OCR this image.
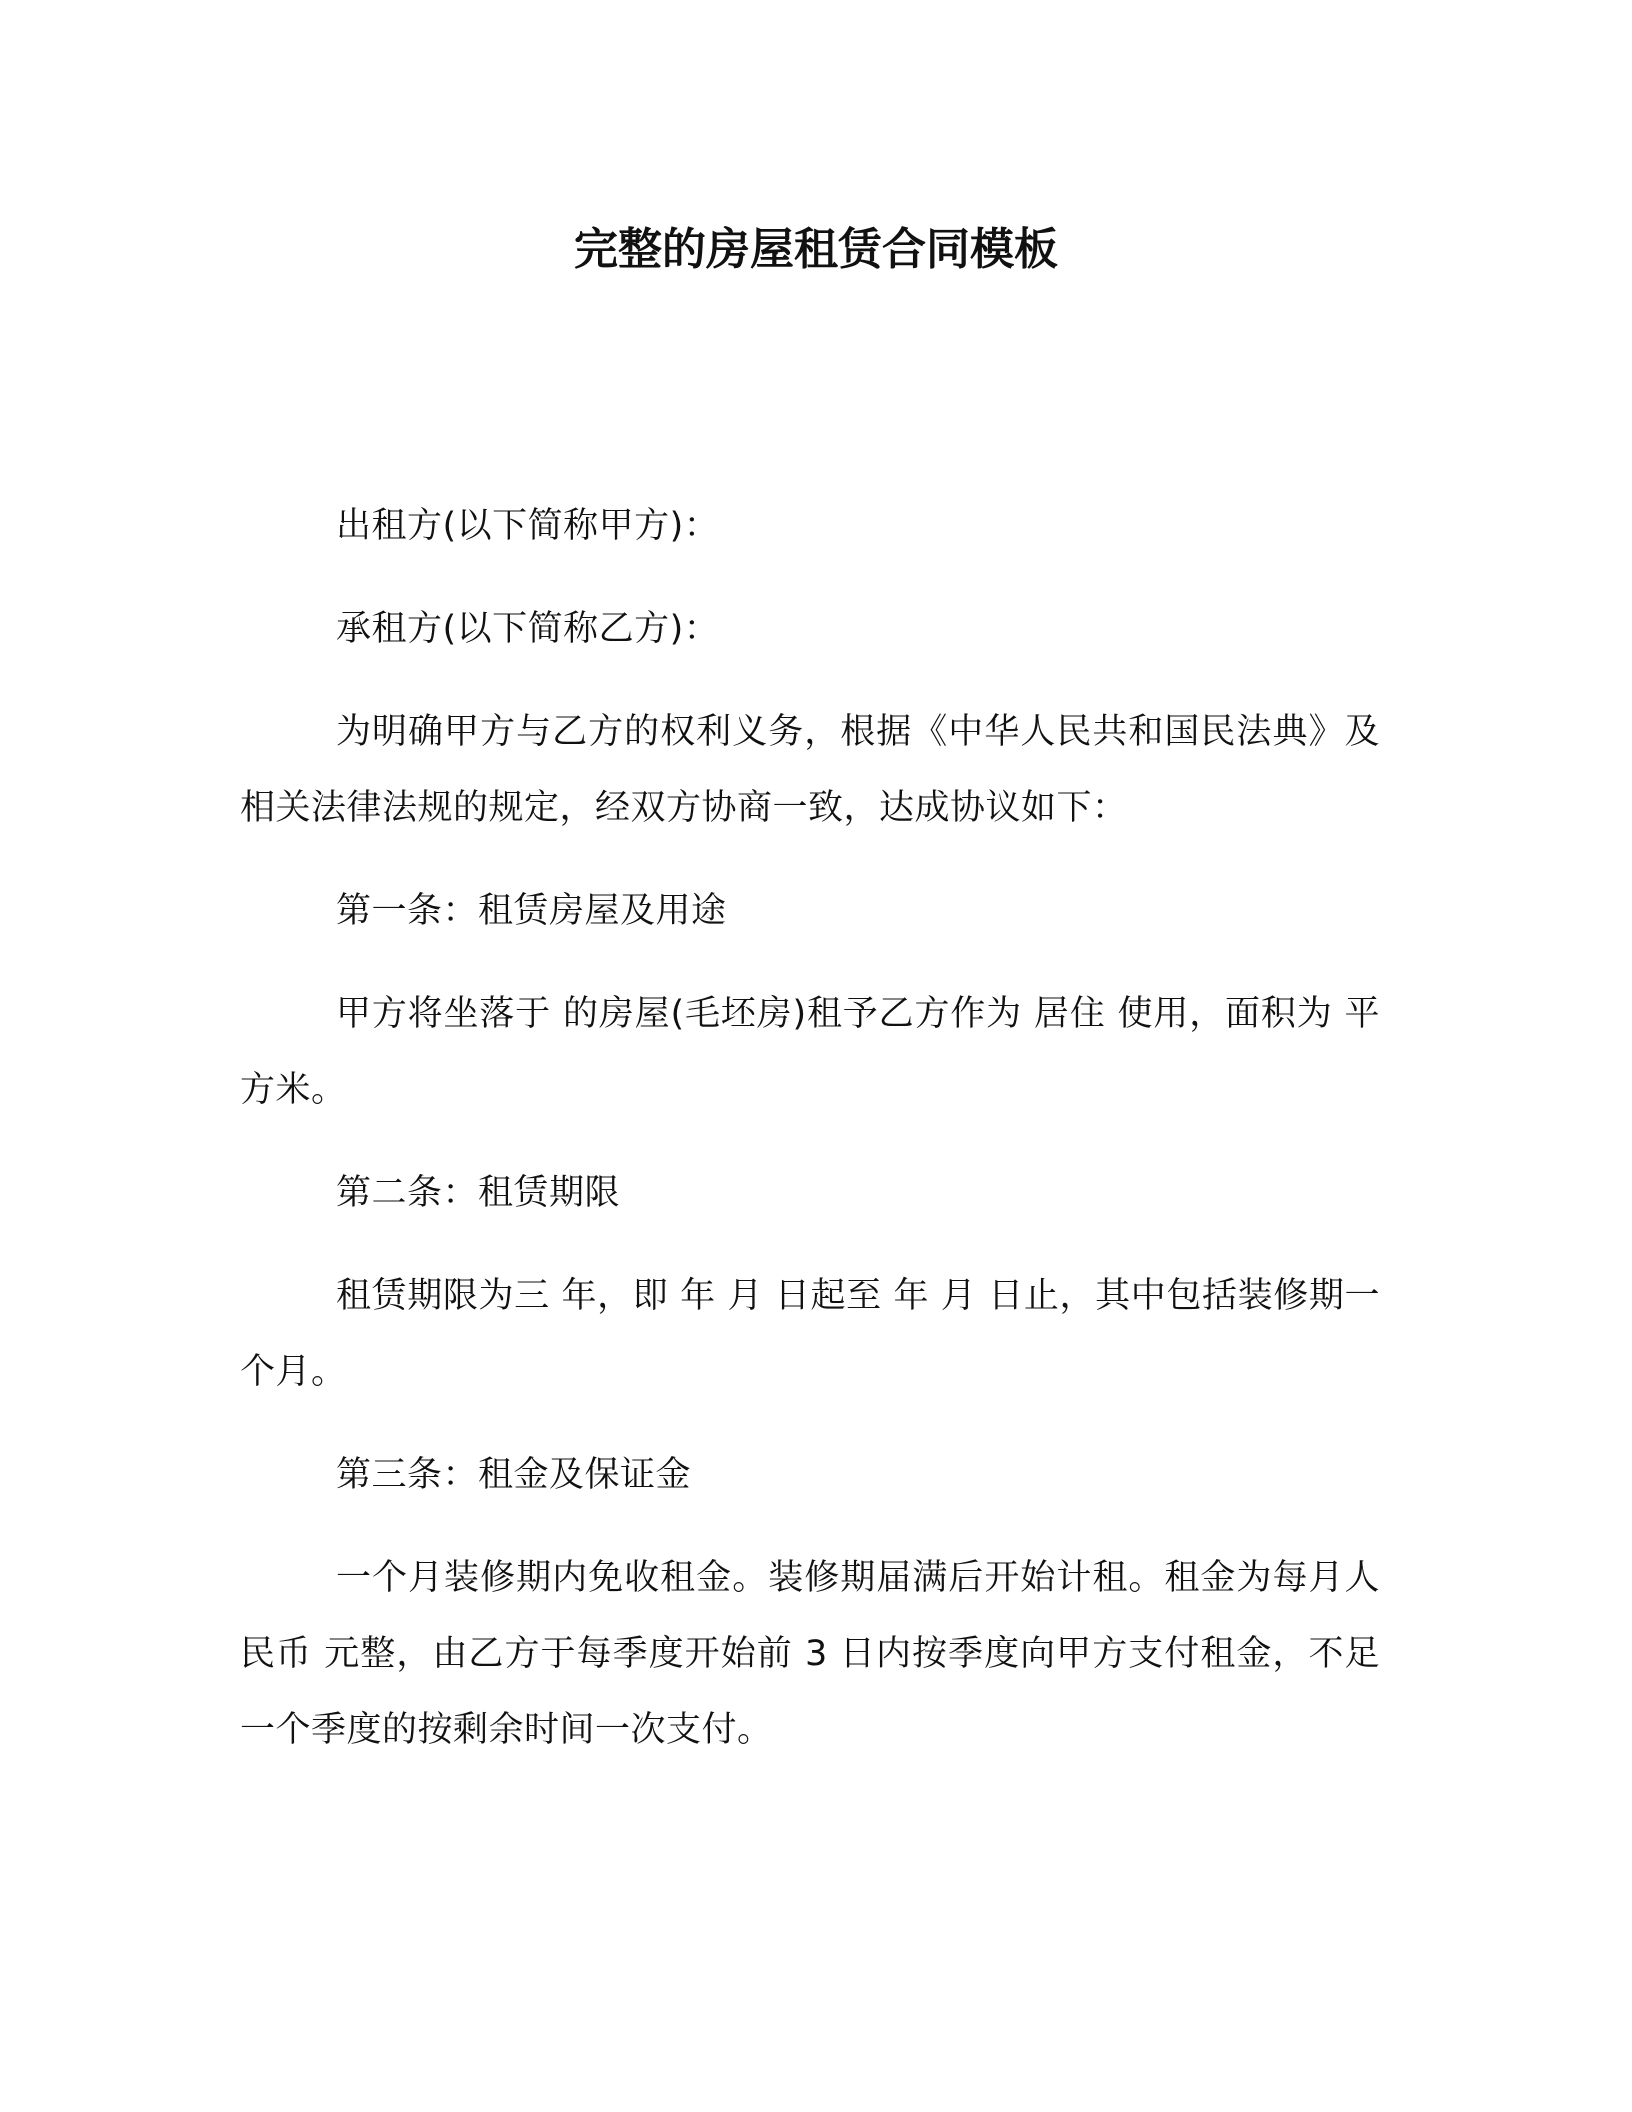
完整的房屋租赁合同模板

出租方(以下简称甲方)：

承租方(以下简称乙方)：

为明确甲方与乙方的权利义务，根据《中华人民共和国民法典》及相关法律法规的规定，经双方协商一致，达成协议如下：

第一条：租赁房屋及用途

甲方将坐落于 的房屋(毛坯房)租予乙方作为 居住 使用，面积为 平方米。

第二条：租赁期限

租赁期限为三 年，即 年 月 日起至 年 月 日止，其中包括装修期一个月。

第三条：租金及保证金

一个月装修期内免收租金。装修期届满后开始计租。租金为每月人民币 元整，由乙方于每季度开始前 3 日内按季度向甲方支付租金，不足一个季度的按剩余时间一次支付。
